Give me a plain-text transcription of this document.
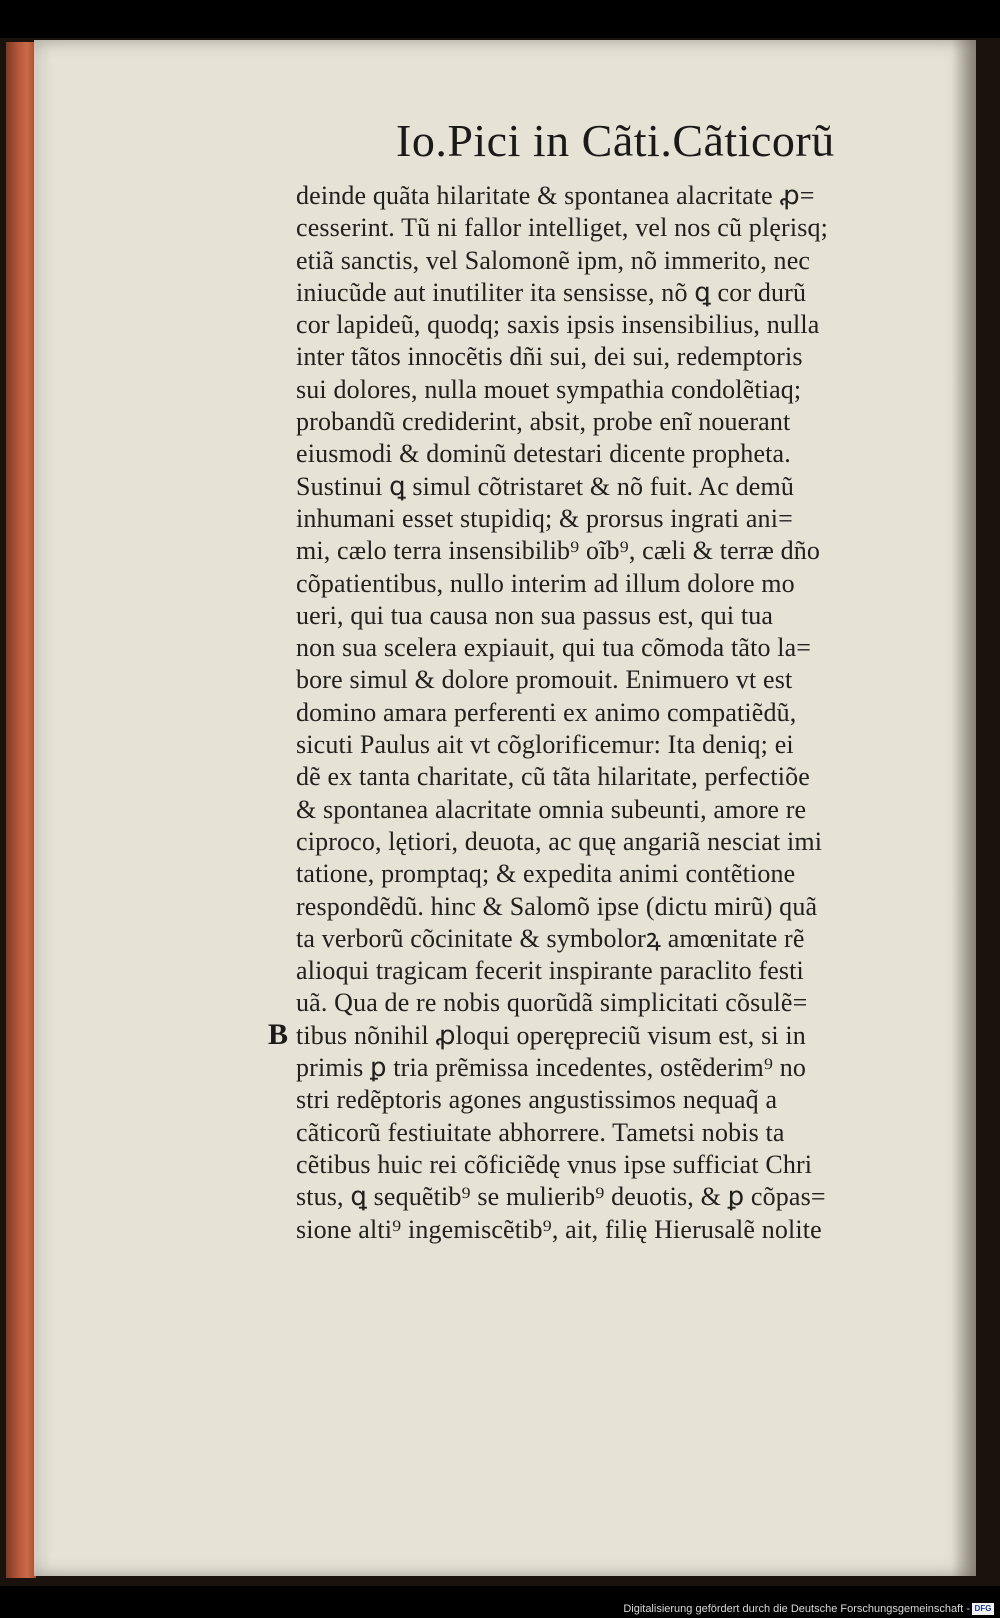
Io.Pici in Cãti.Cãticorũ
B
deinde quãta hilaritate & spontanea alacritate ꝓ=
cesserint. Tũ ni fallor intelliget, vel nos cũ plęrisq;
etiã sanctis, vel Salomonẽ ipm, nõ immerito, nec
iniucũde aut inutiliter ita sensisse, nõ ꝗ cor durũ
cor lapideũ, quodq; saxis ipsis insensibilius, nulla
inter tãtos innocẽtis dñi sui, dei sui, redemptoris
sui dolores, nulla mouet sympathia condolẽtiaq;
probandũ crediderint, absit, probe enĩ nouerant
eiusmodi & dominũ detestari dicente propheta.
Sustinui ꝗ simul cõtristaret & nõ fuit. Ac demũ
inhumani esset stupidiq; & prorsus ingrati ani=
mi, cælo terra insensibilib⁹ oĩb⁹, cæli & terræ dño
cõpatientibus, nullo interim ad illum dolore mo
ueri, qui tua causa non sua passus est, qui tua
non sua scelera expiauit, qui tua cõmoda tãto la=
bore simul & dolore promouit. Enimuero vt est
domino amara perferenti ex animo compatiẽdũ,
sicuti Paulus ait vt cõglorificemur: Ita deniq; ei
dẽ ex tanta charitate, cũ tãta hilaritate, perfectiõe
& spontanea alacritate omnia subeunti, amore re
ciproco, lętiori, deuota, ac quę angariã nesciat imi
tatione, promptaq; & expedita animi contẽtione
respondẽdũ. hinc & Salomõ ipse (dictu mirũ) quã
ta verborũ cõcinitate & symbolorꝝ amœnitate rẽ
alioqui tragicam fecerit inspirante paraclito festi
uã. Qua de re nobis quorũdã simplicitati cõsulẽ=
tibus nõnihil ꝓloqui operępreciũ visum est, si in
primis ꝑ tria prẽmissa incedentes, ostẽderim⁹ no
stri redẽptoris agones angustissimos nequaq̃ a
cãticorũ festiuitate abhorrere. Tametsi nobis ta
cẽtibus huic rei cõficiẽdę vnus ipse sufficiat Chri
stus, ꝗ sequẽtib⁹ se mulierib⁹ deuotis, & ꝑ cõpas=
sione alti⁹ ingemiscẽtib⁹, ait, filię Hierusalẽ nolite
Digitalisierung gefördert durch die Deutsche Forschungsgemeinschaft - DFG
